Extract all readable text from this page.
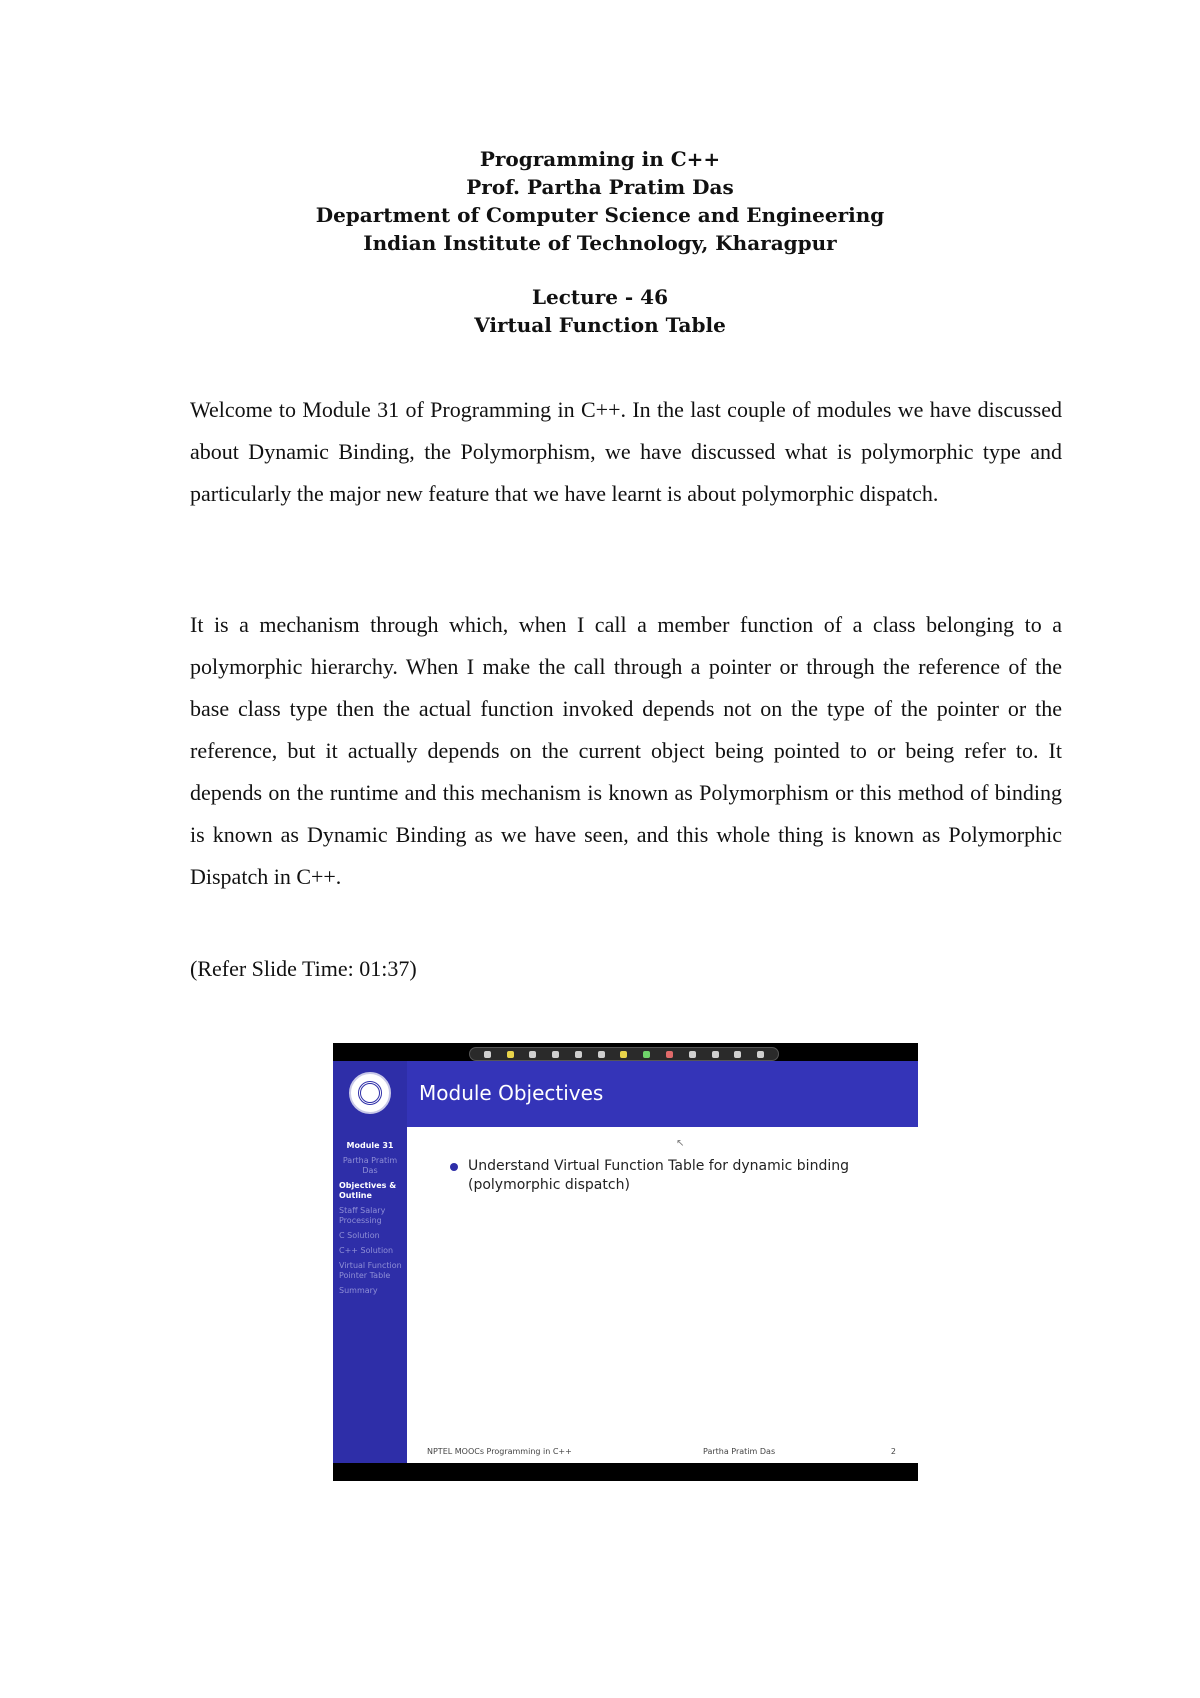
Programming in C++
Prof. Partha Pratim Das
Department of Computer Science and Engineering
Indian Institute of Technology, Kharagpur
Lecture - 46
Virtual Function Table
Welcome to Module 31 of Programming in C++. In the last couple of modules we have discussed about Dynamic Binding, the Polymorphism, we have discussed what is polymorphic type and particularly the major new feature that we have learnt is about polymorphic dispatch.
It is a mechanism through which, when I call a member function of a class belonging to a polymorphic hierarchy. When I make the call through a pointer or through the reference of the base class type then the actual function invoked depends not on the type of the pointer or the reference, but it actually depends on the current object being pointed to or being refer to. It depends on the runtime and this mechanism is known as Polymorphism or this method of binding is known as Dynamic Binding as we have seen, and this whole thing is known as Polymorphic Dispatch in C++.
(Refer Slide Time: 01:37)
Module 31
Partha Pratim Das
Objectives & Outline
Staff Salary Processing
C Solution
C++ Solution
Virtual Function Pointer Table
Summary
Module Objectives
↖
Understand Virtual Function Table for dynamic binding (polymorphic dispatch)
NPTEL MOOCs Programming in C++	Partha Pratim Das	2
